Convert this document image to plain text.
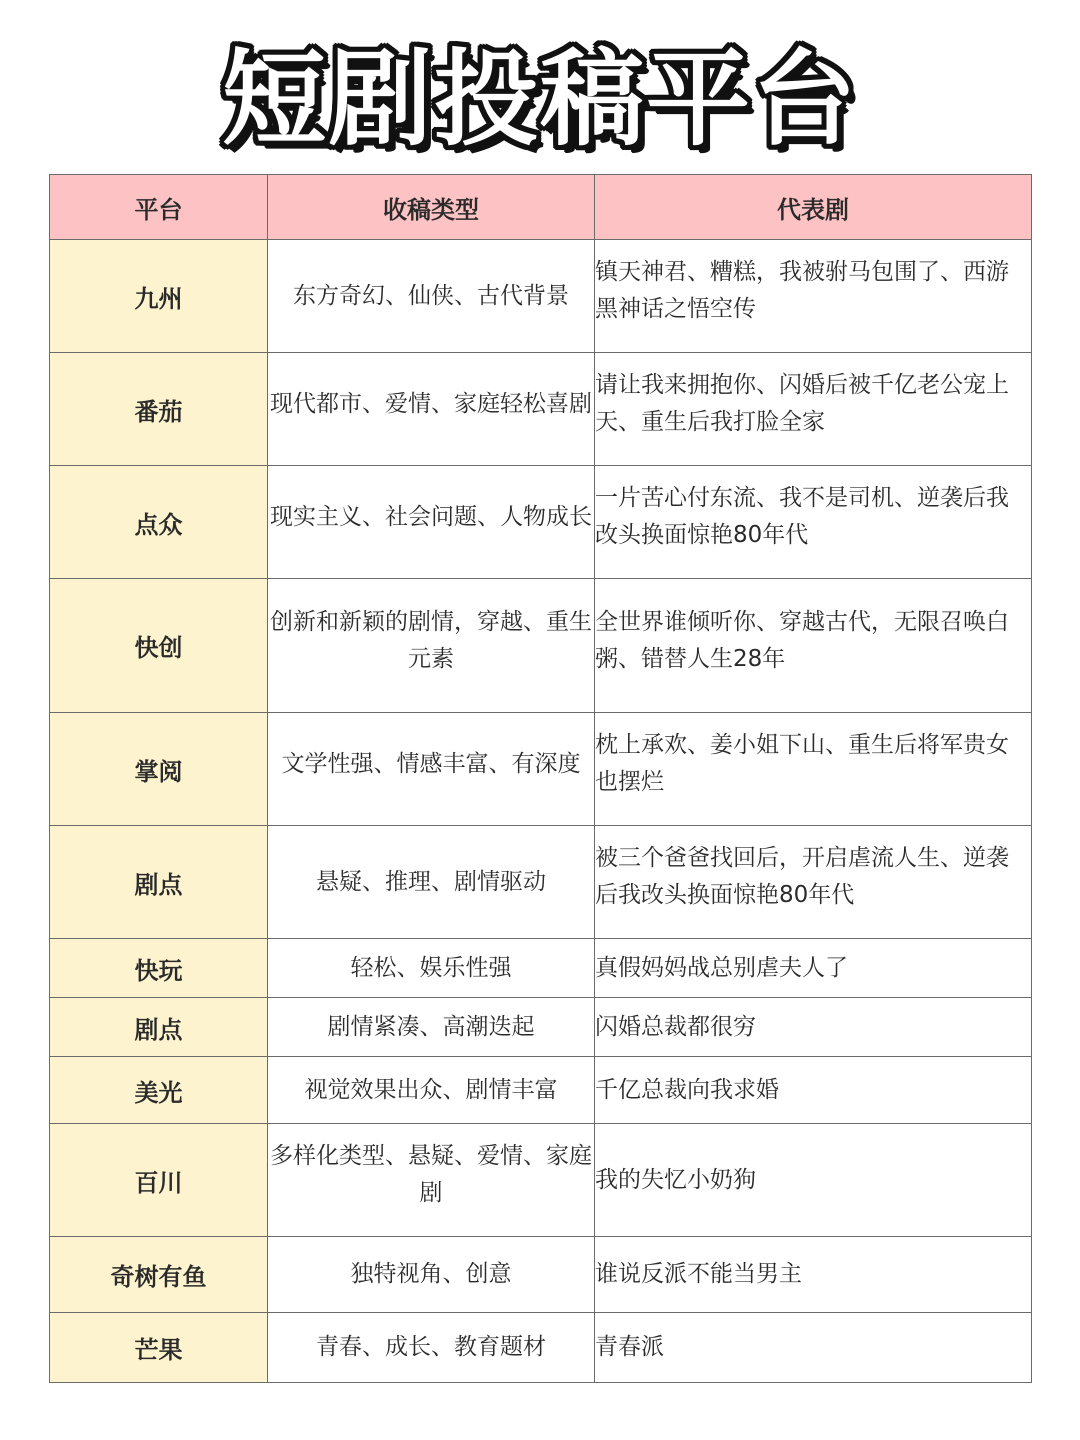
短剧投稿平台
平台	收稿类型	代表剧
九州	东方奇幻、仙侠、古代背景	镇天神君、糟糕，我被驸马包围了、西游黑神话之悟空传

番茄	现代都市、爱情、家庭轻松喜剧	请让我来拥抱你、闪婚后被千亿老公宠上天、重生后我打脸全家

点众	现实主义、社会问题、人物成长	一片苦心付东流、我不是司机、逆袭后我改头换面惊艳80年代

快创	创新和新颖的剧情，穿越、重生元素	全世界谁倾听你、穿越古代，无限召唤白粥、错替人生28年

掌阅	文学性强、情感丰富、有深度	枕上承欢、姜小姐下山、重生后将军贵女也摆烂

剧点	悬疑、推理、剧情驱动	被三个爸爸找回后，开启虐流人生、逆袭后我改头换面惊艳80年代

快玩	轻松、娱乐性强	真假妈妈战总别虐夫人了

剧点	剧情紧凑、高潮迭起	闪婚总裁都很穷

美光	视觉效果出众、剧情丰富	千亿总裁向我求婚

百川	多样化类型、悬疑、爱情、家庭剧	我的失忆小奶狗

奇树有鱼	独特视角、创意	谁说反派不能当男主

芒果	青春、成长、教育题材	青春派
